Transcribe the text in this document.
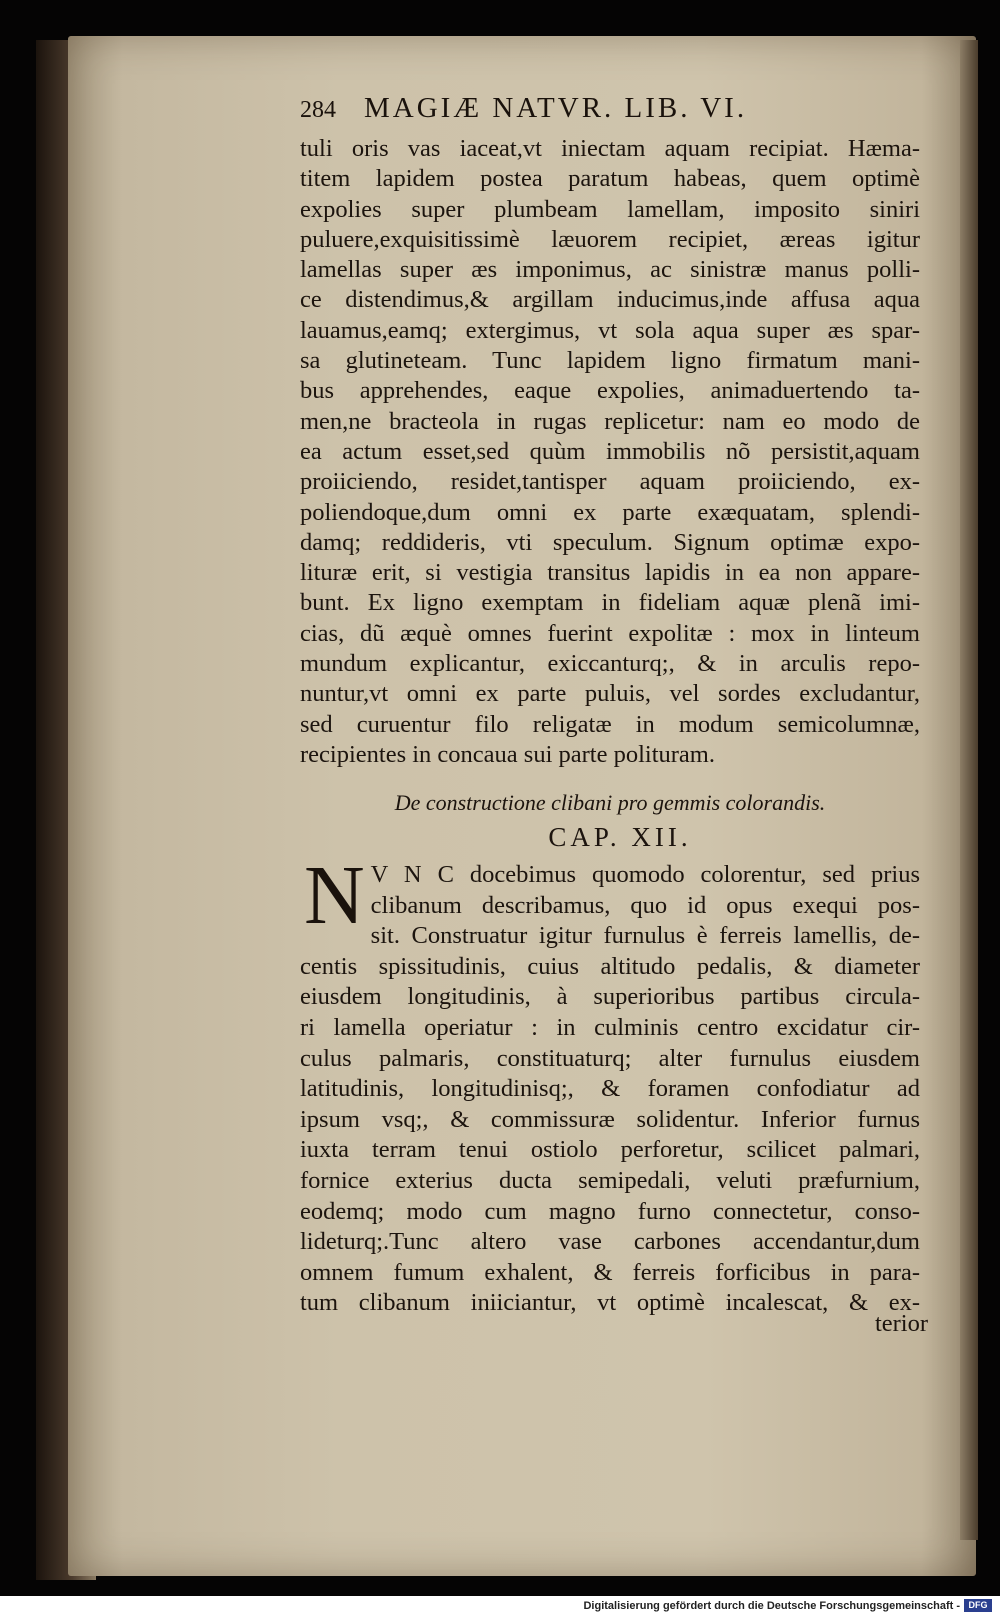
284 MAGIÆ NATVR. LIB. VI.
tuli oris vas iaceat,vt iniectam aquam recipiat. Hæma-
titem lapidem postea paratum habeas, quem optimè
expolies super plumbeam lamellam, imposito siniri
puluere,exquisitissimè læuorem recipiet, æreas igitur
lamellas super æs imponimus, ac sinistræ manus polli-
ce distendimus,& argillam inducimus,inde affusa aqua
lauamus,eamq; extergimus, vt sola aqua super æs spar-
sa glutineteam. Tunc lapidem ligno firmatum mani-
bus apprehendes, eaque expolies, animaduertendo ta-
men,ne bracteola in rugas replicetur: nam eo modo de
ea actum esset,sed quùm immobilis nõ persistit,aquam
proiiciendo, residet,tantisper aquam proiiciendo, ex-
poliendoque,dum omni ex parte exæquatam, splendi-
damq; reddideris, vti speculum. Signum optimæ expo-
lituræ erit, si vestigia transitus lapidis in ea non appare-
bunt. Ex ligno exemptam in fideliam aquæ plenã imi-
cias, dũ æquè omnes fuerint expolitæ : mox in linteum
mundum explicantur, exiccanturq;, & in arculis repo-
nuntur,vt omni ex parte puluis, vel sordes excludantur,
sed curuentur filo religatæ in modum semicolumnæ,
recipientes in concaua sui parte polituram.
De constructione clibani pro gemmis colorandis.
CAP. XII.
N V N C docebimus quomodo colorentur, sed prius
clibanum describamus, quo id opus exequi pos-
sit. Construatur igitur furnulus è ferreis lamellis, de-
centis spissitudinis, cuius altitudo pedalis, & diameter
eiusdem longitudinis, à superioribus partibus circula-
ri lamella operiatur : in culminis centro excidatur cir-
culus palmaris, constituaturq; alter furnulus eiusdem
latitudinis, longitudinisq;, & foramen confodiatur ad
ipsum vsq;, & commissuræ solidentur. Inferior furnus
iuxta terram tenui ostiolo perforetur, scilicet palmari,
fornice exterius ducta semipedali, veluti præfurnium,
eodemq; modo cum magno furno connectetur, conso-
lideturq;.Tunc altero vase carbones accendantur,dum
omnem fumum exhalent, & ferreis forficibus in para-
tum clibanum iniiciantur, vt optimè incalescat, & ex-
terior
Digitalisierung gefördert durch die Deutsche Forschungsgemeinschaft - DFG
